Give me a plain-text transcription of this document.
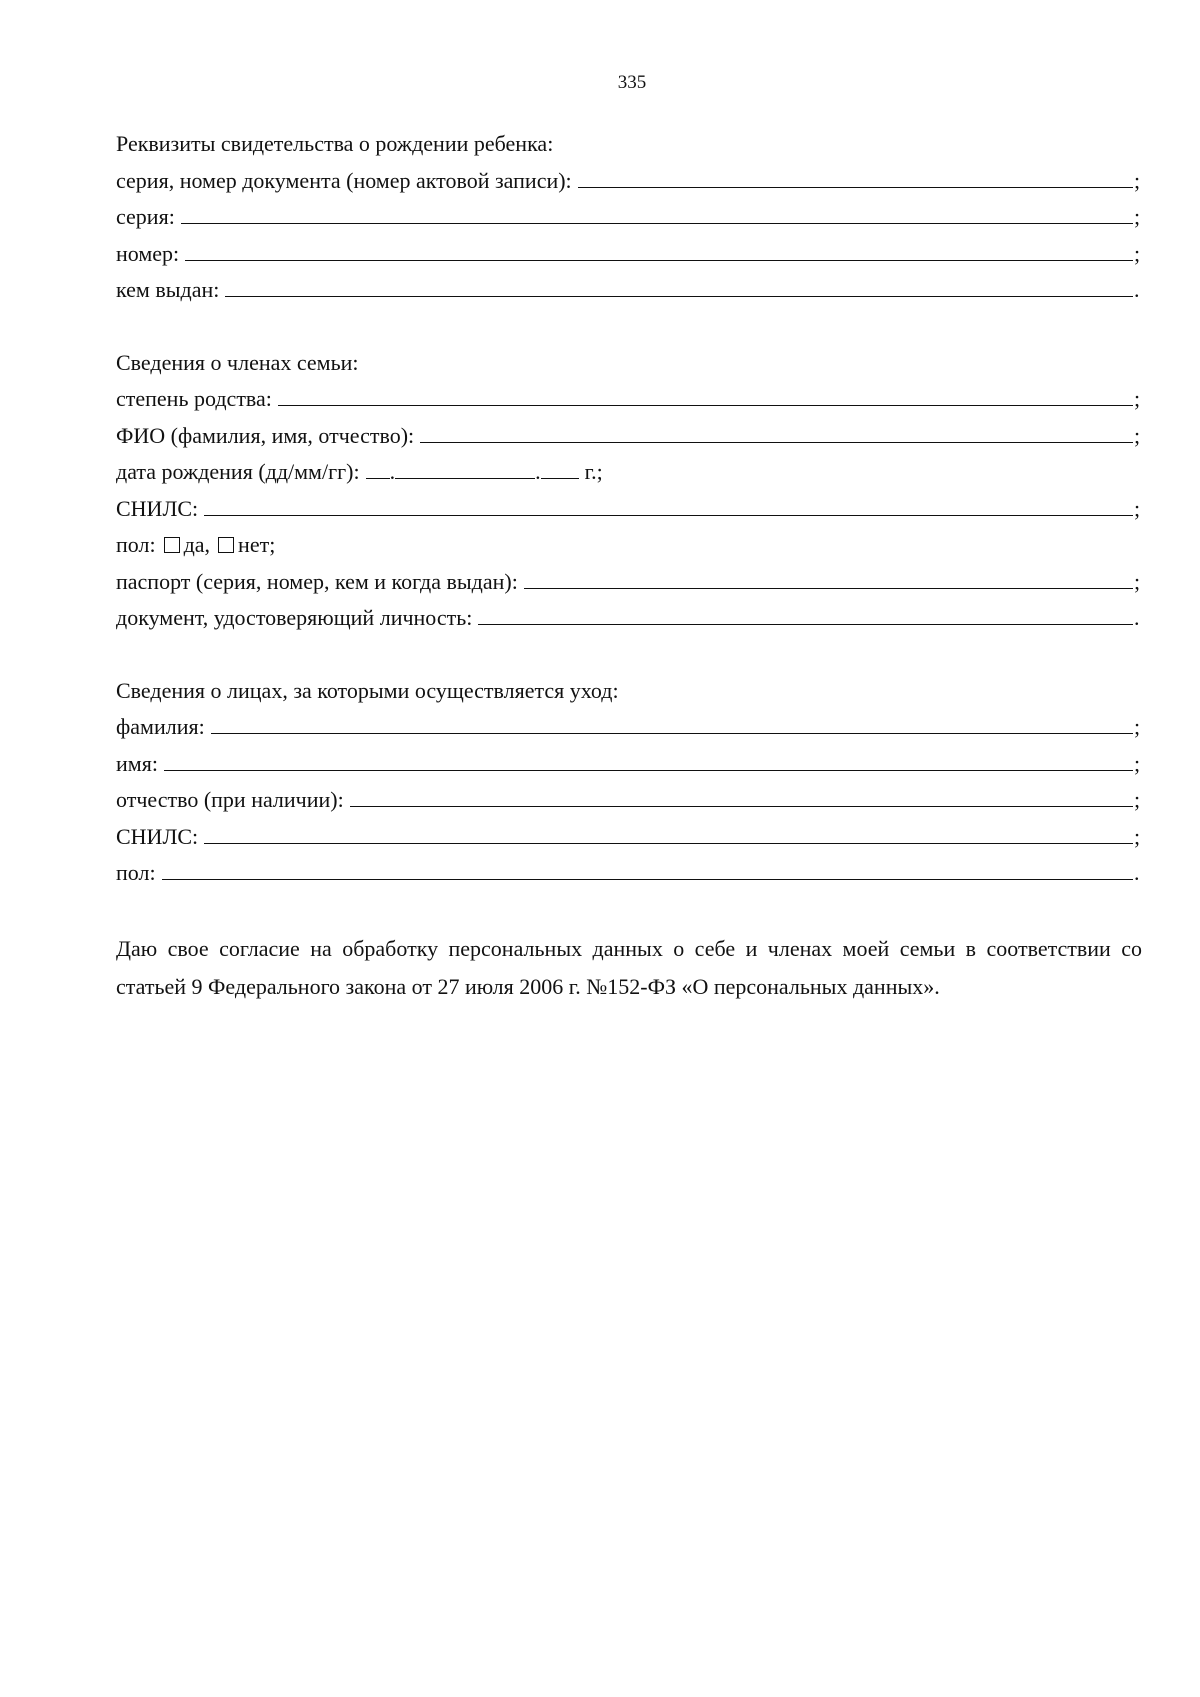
335
Реквизиты свидетельства о рождении ребенка:
серия, номер документа (номер актовой записи):	;
серия:	;
номер:	;
кем выдан:	.
Сведения о членах семьи:
степень родства:	;
ФИО (фамилия, имя, отчество):	;
дата рождения (дд/мм/гг): .	. г.;
СНИЛС:	;
пол: да, нет;
паспорт (серия, номер, кем и когда выдан):	;
документ, удостоверяющий личность:	.
Сведения о лицах, за которыми осуществляется уход:
фамилия:	;
имя:	;
отчество (при наличии):	;
СНИЛС:	;
пол:	.
Даю свое согласие на обработку персональных данных о себе и членах моей семьи в соответствии со статьей 9 Федерального закона от 27 июля 2006 г. №152-ФЗ «О персональных данных».
